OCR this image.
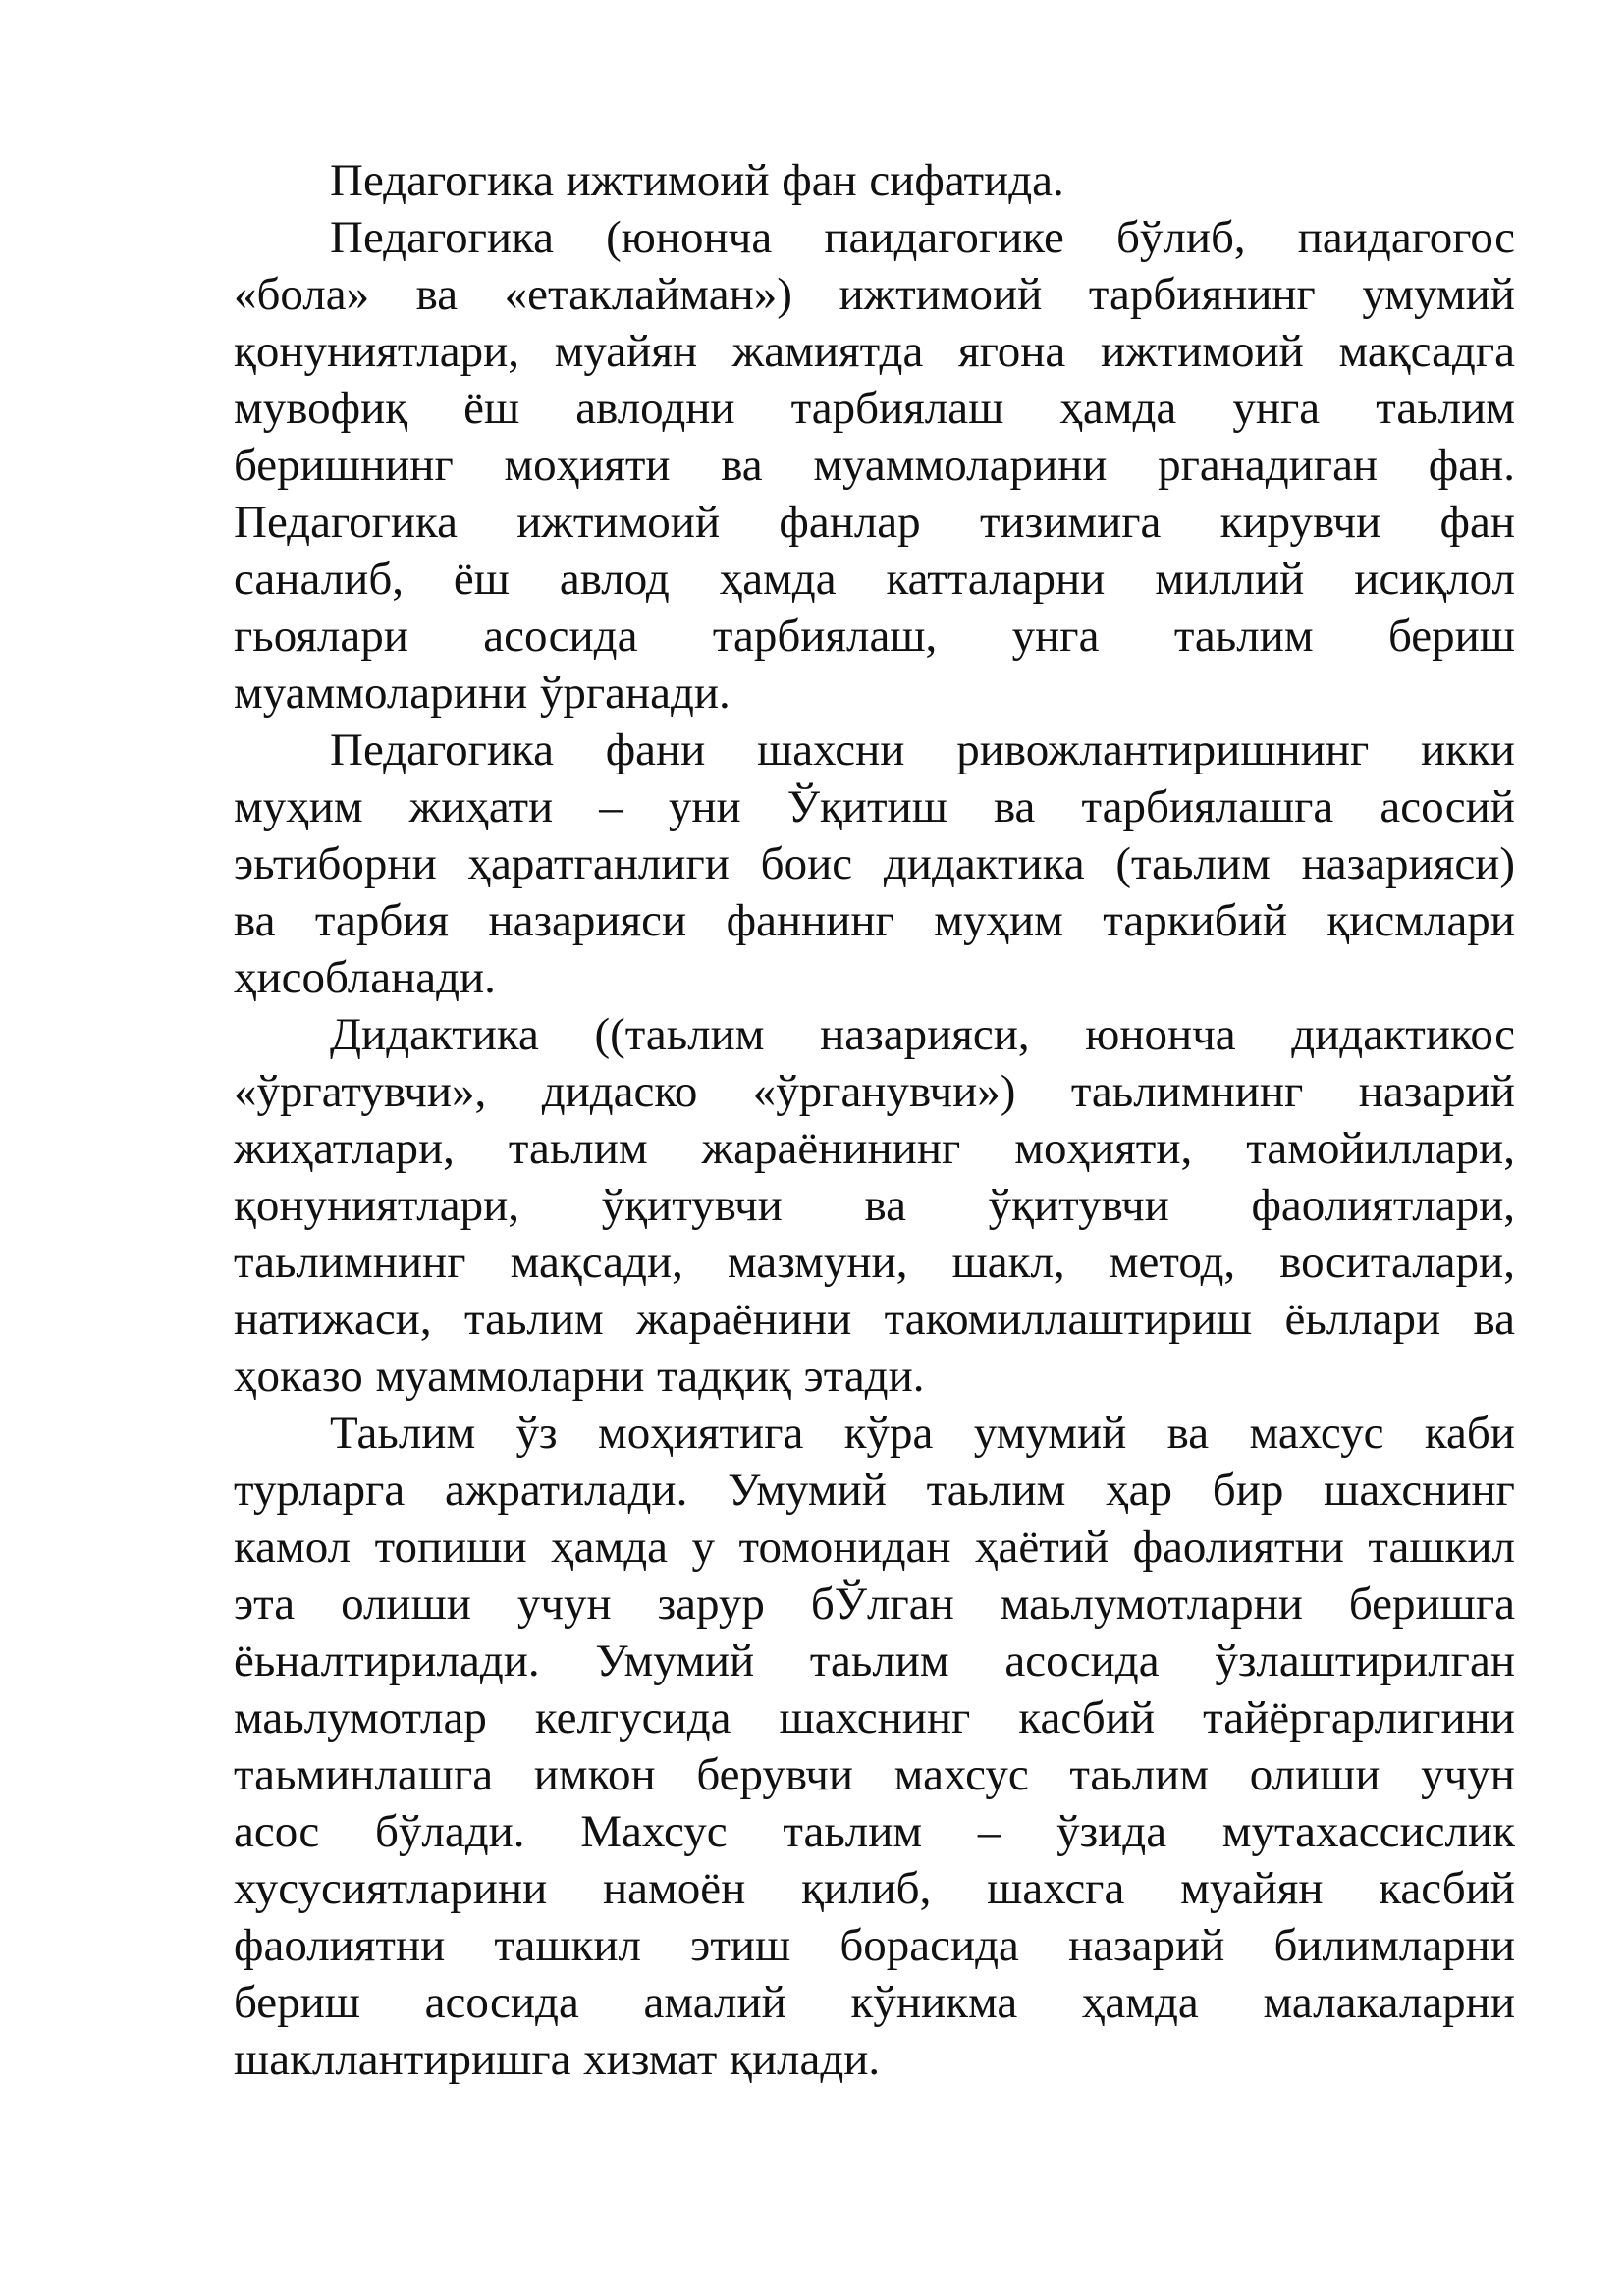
Педагогика ижтимоий фан сифатида.
Педагогика (юнонча паидагогике бўлиб, паидагогос
«бола» ва «етаклайман») ижтимоий тарбиянинг умумий
қонуниятлари, муайян жамиятда ягона ижтимоий мақсадга
мувофиқ ёш авлодни тарбиялаш ҳамда унга таьлим
беришнинг моҳияти ва муаммоларини рганадиган фан.
Педагогика ижтимоий фанлар тизимига кирувчи фан
саналиб, ёш авлод ҳамда катталарни миллий исиқлол
гьоялари асосида тарбиялаш, унга таьлим бериш
муаммоларини ўрганади.
Педагогика фани шахсни ривожлантиришнинг икки
муҳим жиҳати – уни Ўқитиш ва тарбиялашга асосий
эьтиборни ҳаратганлиги боис дидактика (таьлим назарияси)
ва тарбия назарияси фаннинг муҳим таркибий қисмлари
ҳисобланади.
Дидактика ((таьлим назарияси, юнонча дидактикос
«ўргатувчи», дидаско «ўрганувчи») таьлимнинг назарий
жиҳатлари, таьлим жараёнининг моҳияти, тамойиллари,
қонуниятлари, ўқитувчи ва ўқитувчи фаолиятлари,
таьлимнинг мақсади, мазмуни, шакл, метод, воситалари,
натижаси, таьлим жараёнини такомиллаштириш ёьллари ва
ҳоказо муаммоларни тадқиқ этади.
Таьлим ўз моҳиятига кўра умумий ва махсус каби
турларга ажратилади. Умумий таьлим ҳар бир шахснинг
камол топиши ҳамда у томонидан ҳаётий фаолиятни ташкил
эта олиши учун зарур бЎлган маьлумотларни беришга
ёьналтирилади. Умумий таьлим асосида ўзлаштирилган
маьлумотлар келгусида шахснинг касбий тайёргарлигини
таьминлашга имкон берувчи махсус таьлим олиши учун
асос бўлади. Махсус таьлим – ўзида мутахассислик
хусусиятларини намоён қилиб, шахсга муайян касбий
фаолиятни ташкил этиш борасида назарий билимларни
бериш асосида амалий кўникма ҳамда малакаларни
шакллантиришга хизмат қилади.
